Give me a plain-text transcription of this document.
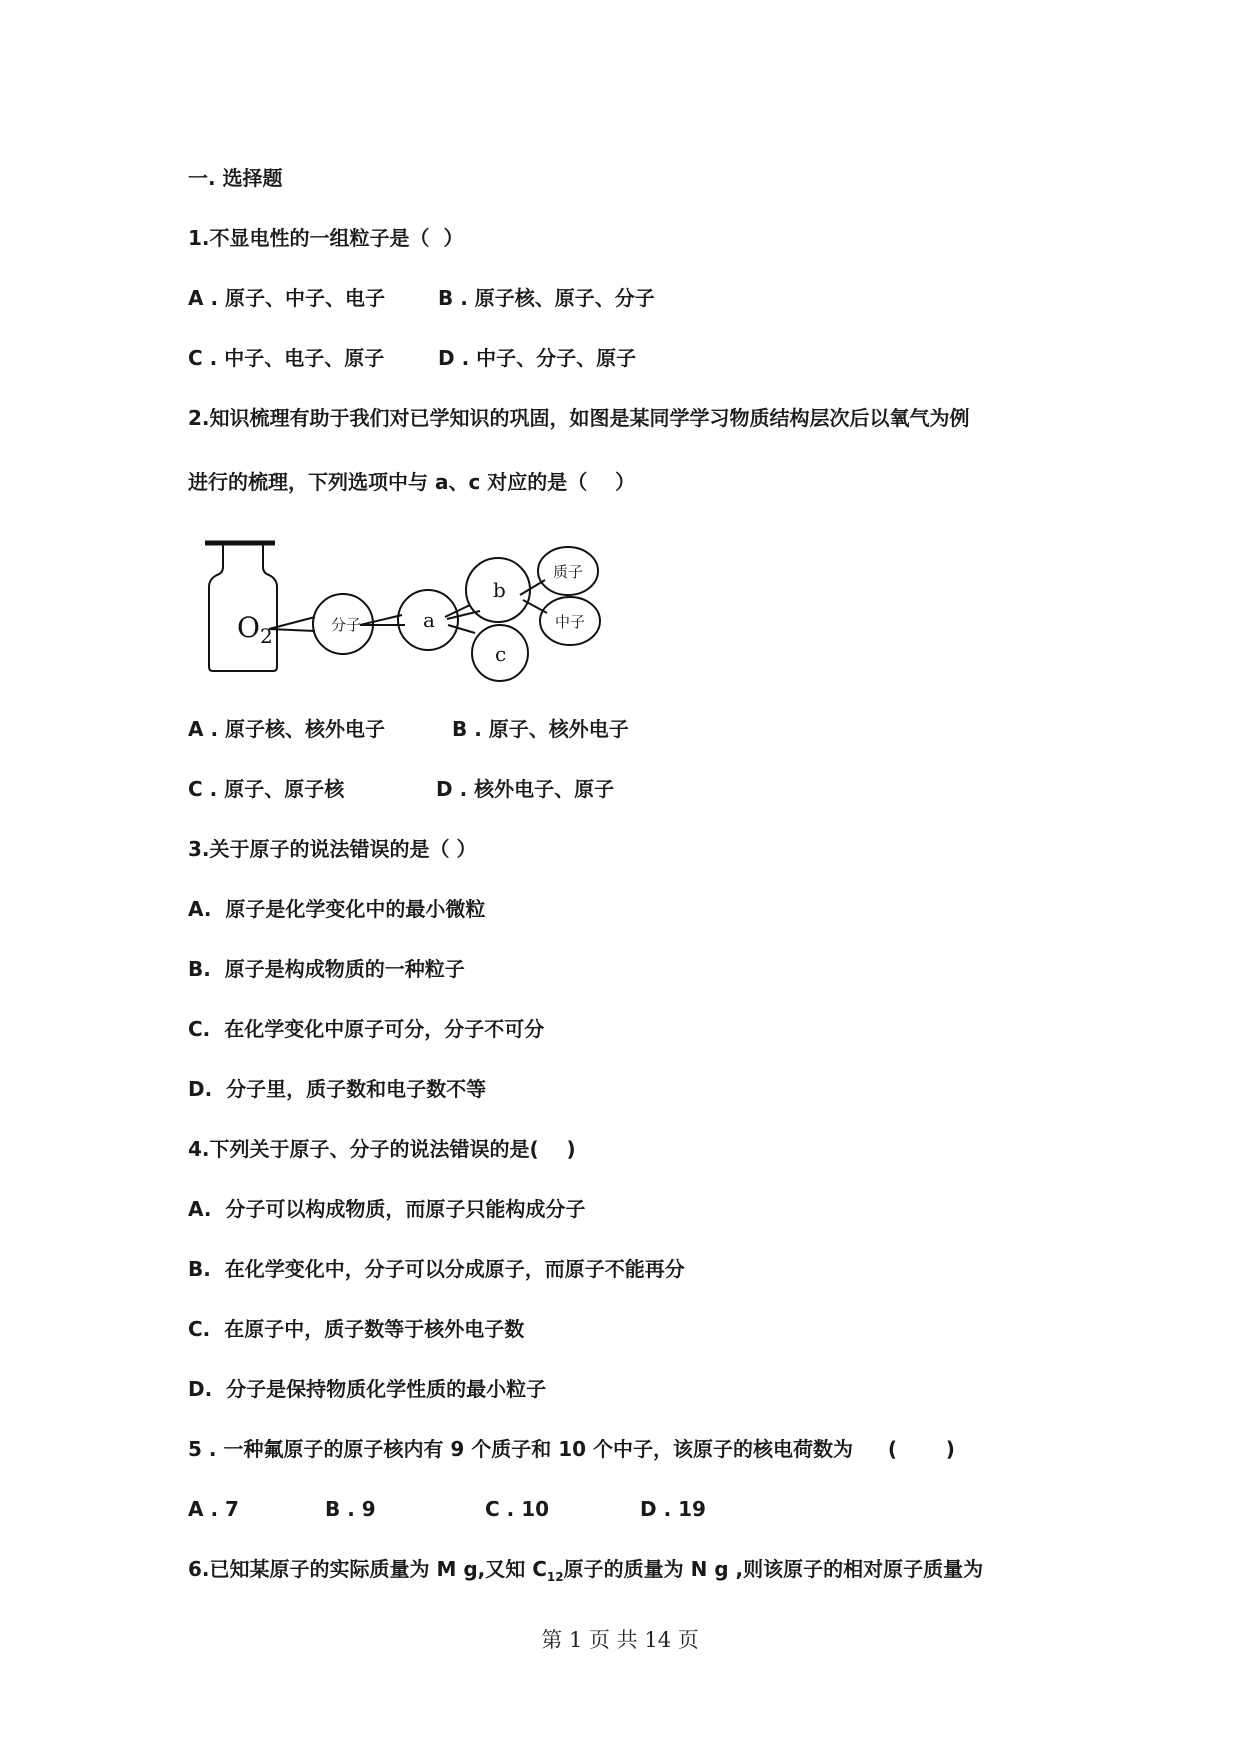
一. 选择题
1.不显电性的一组粒子是（  ）
A . 原子、中子、电子	B . 原子核、原子、分子
C . 中子、电子、原子	D . 中子、分子、原子
2.知识梳理有助于我们对已学知识的巩固，如图是某同学学习物质结构层次后以氧气为例
进行的梳理，下列选项中与 a、c 对应的是（    ）
$O_2$	分子	a
b
c
质子
中子
A . 原子核、核外电子	B . 原子、核外电子
C . 原子、原子核	D . 核外电子、原子
3.关于原子的说法错误的是（ ）
A.  原子是化学变化中的最小微粒
B.  原子是构成物质的一种粒子
C.  在化学变化中原子可分，分子不可分
D.  分子里，质子数和电子数不等
4.下列关于原子、分子的说法错误的是(    )
A.  分子可以构成物质，而原子只能构成分子
B.  在化学变化中，分子可以分成原子，而原子不能再分
C.  在原子中，质子数等于核外电子数
D.  分子是保持物质化学性质的最小粒子
5 . 一种氟原子的原子核内有 9 个质子和 10 个中子，该原子的核电荷数为     (       )
A . 7	B . 9	C . 10	D . 19
6.已知某原子的实际质量为 M g,又知 $C_{12}$原子的质量为 N g ,则该原子的相对原子质量为
第 1 页 共 14 页
